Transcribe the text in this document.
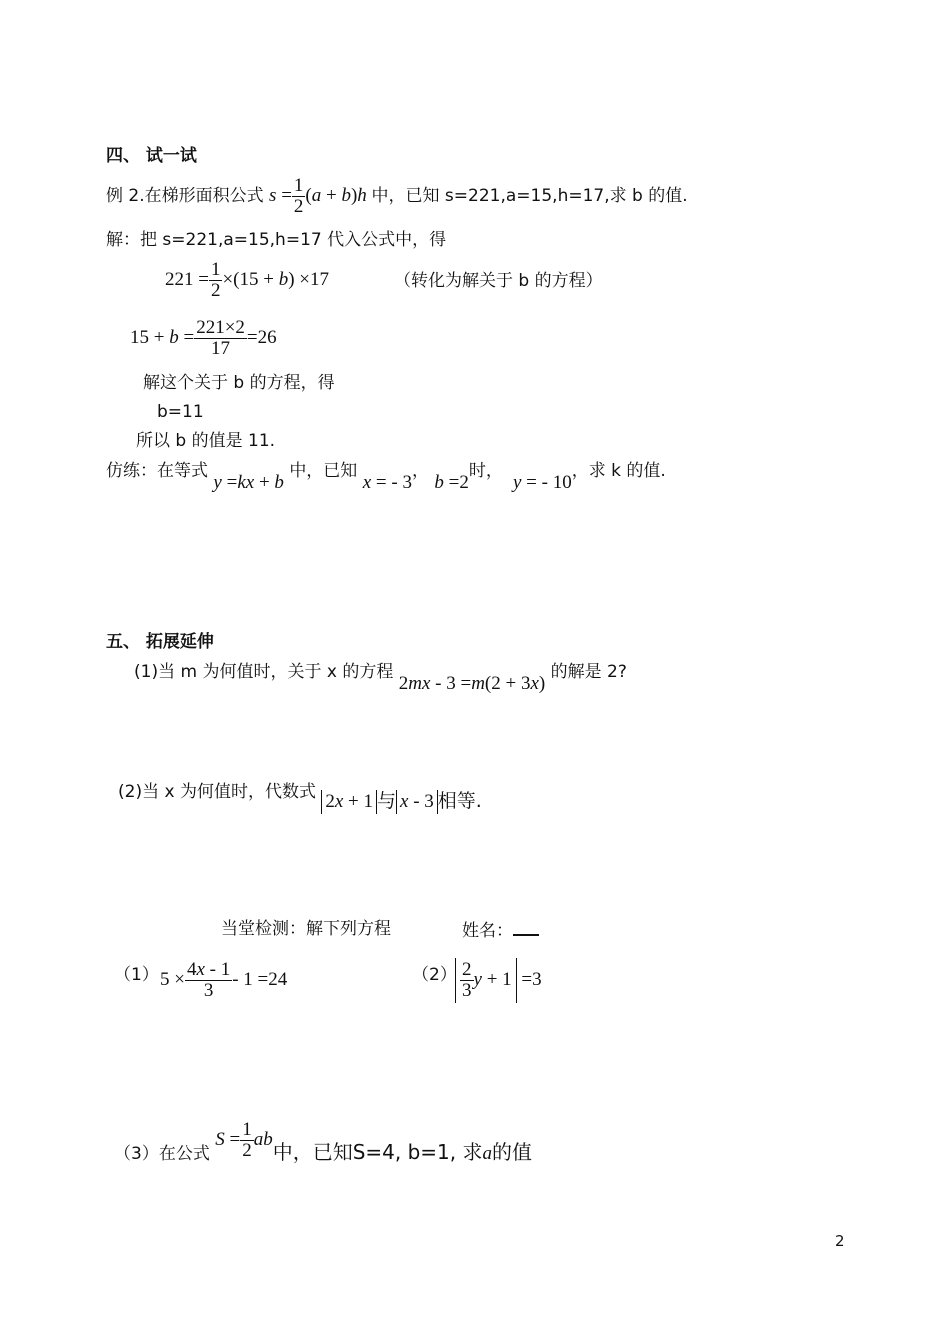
四、 试一试
例 2.在梯形面积公式 $s = \frac{1}{2} (a + b)h$ 中，已知 s=221,a=15,h=17,求 b 的值.
解：把 s=221,a=15,h=17 代入公式中，得
$221 = \frac{1}{2} \times(15 + b) \times 17$	（转化为解关于 b 的方程）
$15 + b = \frac{221\times 2}{17} =26$
解这个关于 b 的方程，得
b=11
所以 b 的值是 11.
仿练：在等式 y =kx + b 中，已知 x = - 3， b =2时，  y = - 10，求 k 的值.
五、 拓展延伸
(1)当 m 为何值时，关于 x 的方程 2mx - 3 =m(2 + 3x) 的解是 2?
(2)当 x 为何值时，代数式 2x + 1 与 x - 3 相等.
当堂检测：解下列方程	姓名：
（1） $5 \times \frac{4x - 1}{3} - 1 =24$	$(2) \frac{2}{3}$ y + 1 =3
（3）在公式 $S = \frac{1}{2}$ ab中，已知S=4, b=1, 求a的值
2
